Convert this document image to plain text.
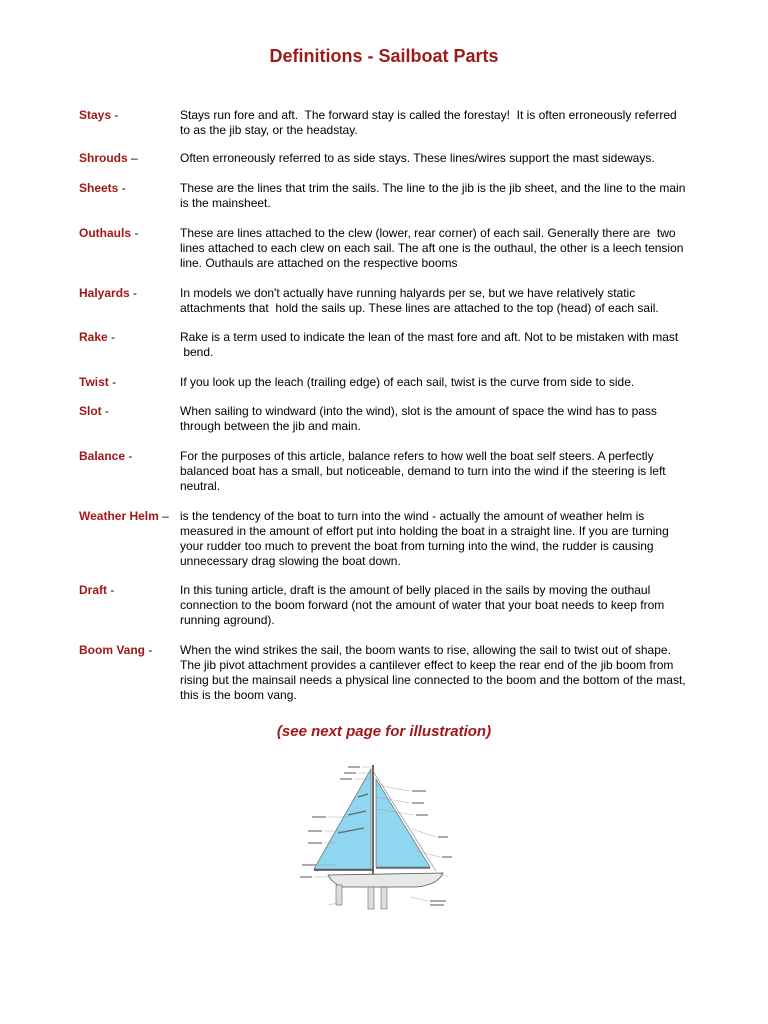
Definitions - Sailboat Parts
Stays -	Stays run fore and aft.  The forward stay is called the forestay!  It is often erroneously referred
to as the jib stay, or the headstay.
Shrouds –	Often erroneously referred to as side stays. These lines/wires support the mast sideways.
Sheets -	These are the lines that trim the sails. The line to the jib is the jib sheet, and the line to the main
is the mainsheet.
Outhauls -	These are lines attached to the clew (lower, rear corner) of each sail. Generally there are  two
lines attached to each clew on each sail. The aft one is the outhaul, the other is a leech tension
line. Outhauls are attached on the respective booms
Halyards -	In models we don't actually have running halyards per se, but we have relatively static
attachments that  hold the sails up. These lines are attached to the top (head) of each sail.
Rake -	Rake is a term used to indicate the lean of the mast fore and aft. Not to be mistaken with mast
bend.
Twist -	If you look up the leach (trailing edge) of each sail, twist is the curve from side to side.
Slot -	When sailing to windward (into the wind), slot is the amount of space the wind has to pass
through between the jib and main.
Balance -	For the purposes of this article, balance refers to how well the boat self steers. A perfectly
balanced boat has a small, but noticeable, demand to turn into the wind if the steering is left
neutral.
Weather Helm – is the tendency of the boat to turn into the wind - actually the amount of weather helm is
measured in the amount of effort put into holding the boat in a straight line. If you are turning
your rudder too much to prevent the boat from turning into the wind, the rudder is causing
unnecessary drag slowing the boat down.
Draft -	In this tuning article, draft is the amount of belly placed in the sails by moving the outhaul
connection to the boom forward (not the amount of water that your boat needs to keep from
running aground).
Boom Vang -	When the wind strikes the sail, the boom wants to rise, allowing the sail to twist out of shape.
The jib pivot attachment provides a cantilever effect to keep the rear end of the jib boom from
rising but the mainsail needs a physical line connected to the boom and the bottom of the mast,
this is the boom vang.

(see next page for illustration)
